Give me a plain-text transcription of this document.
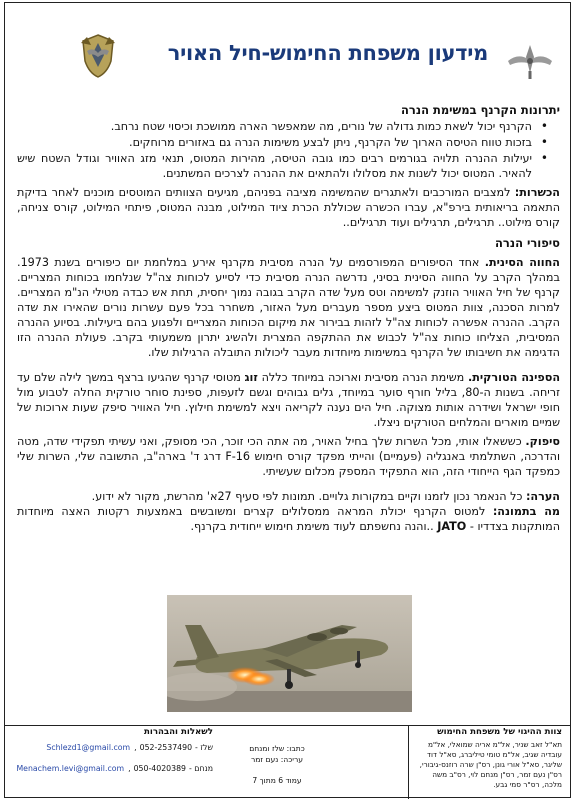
מידעון משפחת החימוש-חיל האויר
יתרונות הקרנף במשימת הנרה
• הקרנף יכול לשאת כמות גדולה של נורים, מה שמאפשר הארה ממושכת וכיסוי שטח נרחב.
• בזכות טווח הטיסה הארוך של הקרנף, ניתן לבצע משימות הנרה גם באזורים מרוחקים.
• יעילות ההנרה תלויה בגורמים רבים כמו גובה הטיסה, מהירות המטוס, תנאי מזג האוויר וגודל השטח שיש להאיר. המטוס יכול לשנות את מסלולו ולהתאים את ההנרה לצרכים המשתנים.

הכשרות: למצבים המורכבים ולאתגרים שהמשימה מציבה בפניהם, מגיעים הצוותים המוטסים מוכנים לאחר בדיקת התאמה בריאותית בירפ"א, עברו הכשרה שכוללת הכרת ציוד המילוט, מבנה המטוס, פיתחי המילוט, קורס צניחה, קורס מילוט.. תרגילים, תרגילים ועוד תרגילים..

סיפורי הנרה

החווה הסינית. אחד הסיפורים המפורסמים על הנרה מסיבית מקרנף אירע במלחמת יום כיפורים בשנת 1973. במהלך הקרב על החווה הסינית בסיני, נדרשה הנרה מסיבית כדי לסייע לכוחות צה"ל שנלחמו בכוחות המצריים. קרנף של חיל האוויר הוזנק למשימה וטס מעל שדה הקרב בגובה נמוך יחסית, תחת אש כבדה מטילי הנ"מ המצריים. למרות הסכנה, צוות המטוס ביצע מספר מעברים מעל האזור, משחרר בכל פעם עשרות נורים שהאירו את שדה הקרב. ההנרה אפשרה לכוחות צה"ל לזהות בבירור את מיקום הכוחות המצריים ולפגוע בהם ביעילות. בסיוע ההנרה המסיבית, הצליחו כוחות צה"ל לכבוש את ההתקפה המצרית ולהשיג יתרון משמעותי בקרב. פעולת ההנרה הזו הדגימה את חשיבותו של הקרנף במשימות מיוחדות מעבר ליכולות התובלה הרגילות שלו.

הספינה הטורקית. משימת הנרה מסיבית וארוכה במיוחד כללה זוג מטוסי קרנף שהגיעו ברצף במשך לילה שלם עד זריחה. בשנות ה-80, בליל חורף סוער במיוחד, גלים גבוהים וגשם לזעפות, ספינת סוחר טורקית החלה לטבוע מול חופי ישראל ושידרה אותות מצוקה. חיל הים נענה לקריאה ויצא למשימת חילוץ. חיל האוויר סיפק שעות ארוכות של שמיים מוארים והמלחים הטורקים ניצלו.

סיפוק. כששאלו אותי, מכל השרות שלך בחיל האויר, מה אתה הכי זוכר, הכי מסופק, ואני עשיתי תפקידי שדה, מטה והדרכה, השתלמתי באנגליה (פעמיים) והייתי מפקד קורס חימוש F-16 דרג ד' בארה"ב, התשובה שלי, השרות שלי כמפקד הגף הייחודי הזה, הוא התפקיד המספק מכלום שעשיתי.

הערה: כל הנאמר נכון לזמנו וקיים במקורות גלויים. תמונות לפי סעיף 27א' מהרשת, מקור לא ידוע.

מה בתמונה: למטוס הקרנף יכולת המראה ממסלולים קצרים ומשובשים באמצעות רקטות האצה מיוחדות המותקנות בצדדיו - JATO ..והנה נחשפתם לעוד משימת חימוש ייחודית בקרנף.

צוות ההיגוי של משפחת החימוש
תא"ל זאב שניר, אל"מ אריה שמואלי, אל"מ עובדיה שגיב, אל"מ טומי טיליברג, סא"ל דוד שליגר, סא"ל אורי גונן, רס"ן שרה רוזנס-גיבורי, רס"ן נעם זמר, רס"ן מנחם לוי, רס"ב משה מלכה, רס"ר סמי גבע.
כתבו: שלז ומנחם
עריכה: נעם זמר
עמוד 6 מתוך 7
לשאלות והבהרות
שלז -
052-2537490
,
Schlezd1@gmail.com
מנחם -
050-4020389
,
Menachem.levi@gmail.com
